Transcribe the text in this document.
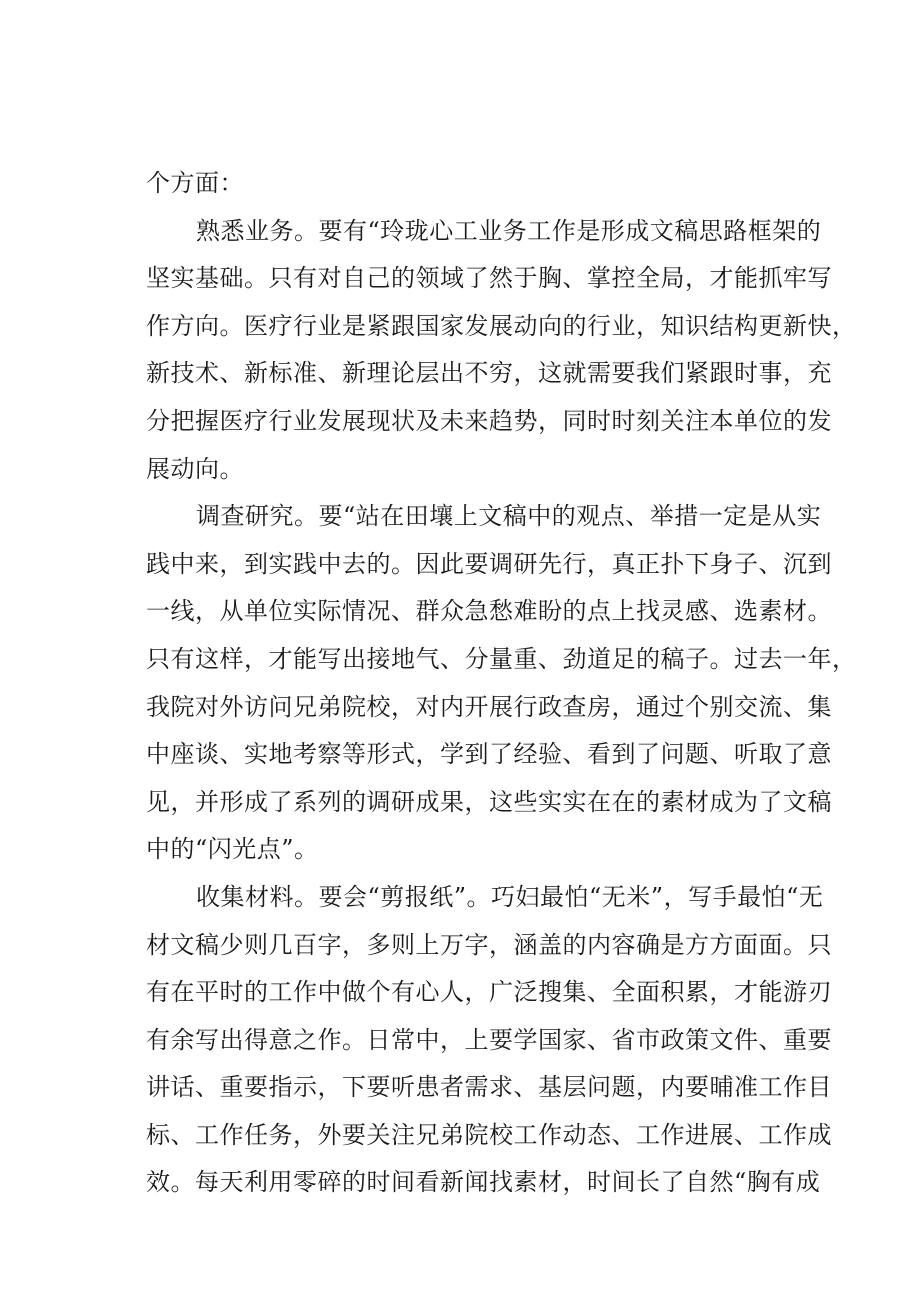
个方面：
熟悉业务。要有“玲珑心工业务工作是形成文稿思路框架的
坚实基础。只有对自己的领域了然于胸、掌控全局，才能抓牢写
作方向。医疗行业是紧跟国家发展动向的行业，知识结构更新快，
新技术、新标准、新理论层出不穷，这就需要我们紧跟时事，充
分把握医疗行业发展现状及未来趋势，同时时刻关注本单位的发
展动向。
调查研究。要“站在田壤上文稿中的观点、举措一定是从实
践中来，到实践中去的。因此要调研先行，真正扑下身子、沉到
一线，从单位实际情况、群众急愁难盼的点上找灵感、选素材。
只有这样，才能写出接地气、分量重、劲道足的稿子。过去一年，
我院对外访问兄弟院校，对内开展行政查房，通过个别交流、集
中座谈、实地考察等形式，学到了经验、看到了问题、听取了意
见，并形成了系列的调研成果，这些实实在在的素材成为了文稿
中的“闪光点”。
收集材料。要会“剪报纸”。巧妇最怕“无米”，写手最怕“无
材文稿少则几百字，多则上万字，涵盖的内容确是方方面面。只
有在平时的工作中做个有心人，广泛搜集、全面积累，才能游刃
有余写出得意之作。日常中，上要学国家、省市政策文件、重要
讲话、重要指示，下要听患者需求、基层问题，内要晡准工作目
标、工作任务，外要关注兄弟院校工作动态、工作进展、工作成
效。每天利用零碎的时间看新闻找素材，时间长了自然“胸有成
